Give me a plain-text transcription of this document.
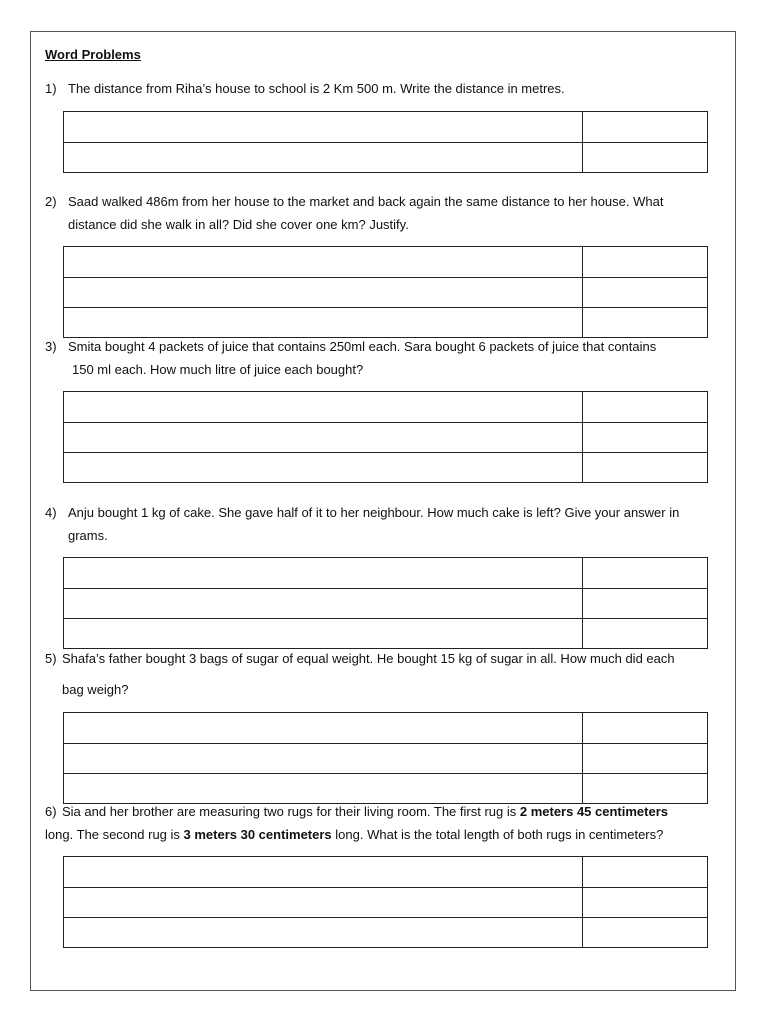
Word Problems
1) The distance from Riha’s house to school is 2 Km 500 m. Write the distance in metres.
2) Saad walked 486m from her house to the market and back again the same distance to her house. What
distance did she walk in all? Did she cover one km? Justify.
3) Smita bought 4 packets of juice that contains 250ml each. Sara bought 6 packets of juice that contains
150 ml each. How much litre of juice each bought?
4) Anju bought 1 kg of cake. She gave half of it to her neighbour. How much cake is left? Give your answer in
grams.
5) Shafa’s father bought 3 bags of sugar of equal weight. He bought 15 kg of sugar in all. How much did each
bag weigh?
6) Sia and her brother are measuring two rugs for their living room. The first rug is 2 meters 45 centimeters
long. The second rug is 3 meters 30 centimeters long. What is the total length of both rugs in centimeters?
